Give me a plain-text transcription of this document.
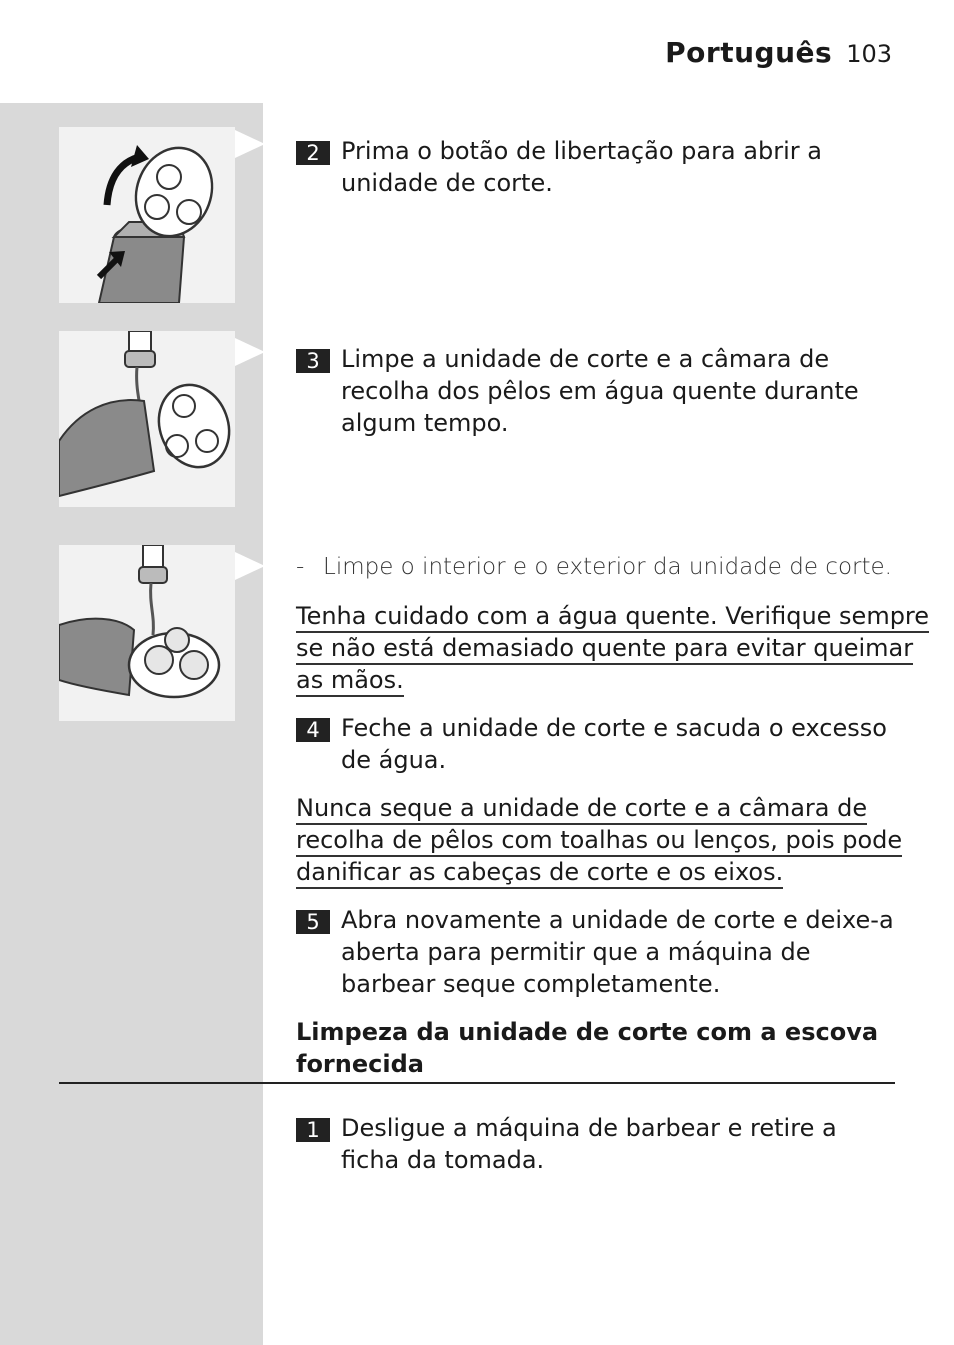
Português 103
2 Prima o botão de libertação para abrir a unidade de corte.
3 Limpe a unidade de corte e a câmara de recolha dos pêlos em água quente durante algum tempo.
- Limpe o interior e o exterior da unidade de corte.
Tenha cuidado com a água quente. Verifique sempre
se não está demasiado quente para evitar queimar
as mãos.
4 Feche a unidade de corte e sacuda o excesso de água.
Nunca seque a unidade de corte e a câmara de
recolha de pêlos com toalhas ou lenços, pois pode
danificar as cabeças de corte e os eixos.
5 Abra novamente a unidade de corte e deixe-a aberta para permitir que a máquina de barbear seque completamente.
Limpeza da unidade de corte com a escova fornecida
1 Desligue a máquina de barbear e retire a ficha da tomada.
